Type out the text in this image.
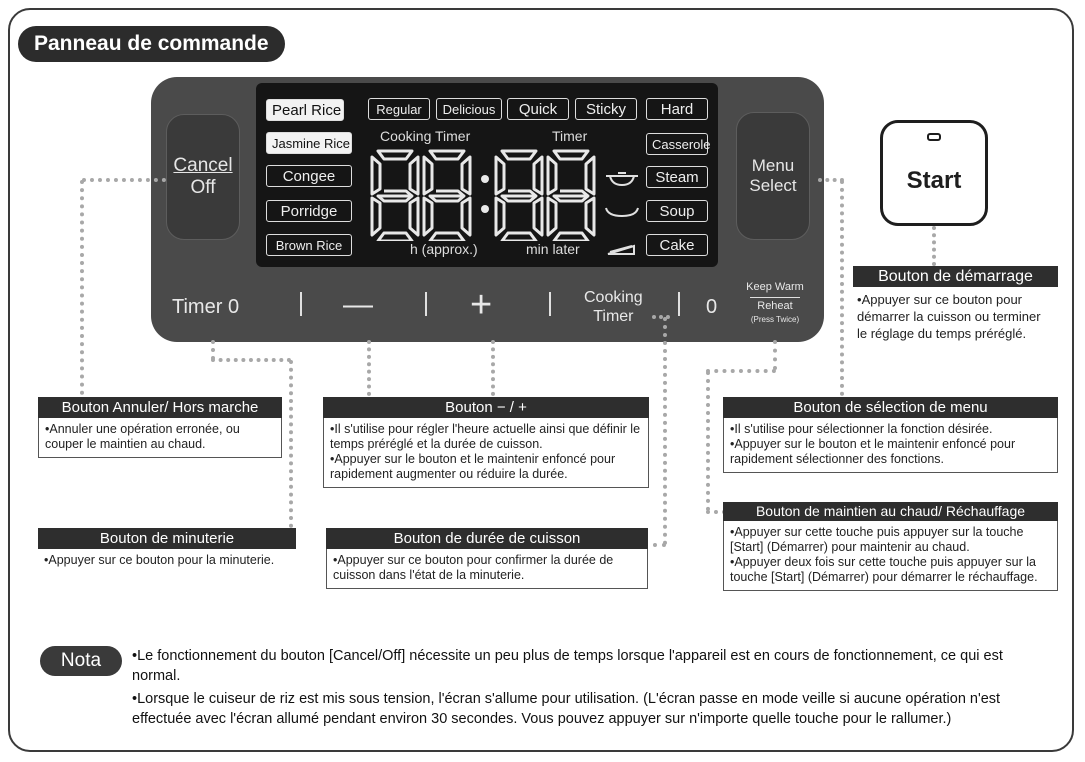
Panneau de commande
Cancel
Off
Menu
Select
Pearl Rice
Jasmine Rice
Congee
Porridge
Brown Rice
Regular	Delicious	Quick	Sticky	Hard
Casserole
Steam
Soup
Cake
Cooking Timer	Timer
h (approx.)	min later
Timer 0	—	+	Cooking
Timer	0
Keep Warm
Reheat
(Press Twice)
Start
Bouton de démarrage

•Appuyer sur ce bouton pour démarrer la cuisson ou terminer le réglage du temps préréglé.

Bouton Annuler/ Hors marche

•Annuler une opération erronée, ou couper le maintien au chaud.

Bouton − / +

•Il s'utilise pour régler l'heure actuelle ainsi que définir le temps préréglé et la durée de cuisson.

•Appuyer sur le bouton et le maintenir enfoncé pour rapidement augmenter ou réduire la durée.

Bouton de sélection de menu

•Il s'utilise pour sélectionner la fonction désirée.

•Appuyer sur le bouton et le maintenir enfoncé pour rapidement sélectionner des fonctions.

Bouton de minuterie

•Appuyer sur ce bouton pour la minuterie.

Bouton de durée de cuisson

•Appuyer sur ce bouton pour confirmer la durée de cuisson dans l'état de la minuterie.

Bouton de maintien au chaud/ Réchauffage

•Appuyer sur cette touche puis appuyer sur la touche [Start] (Démarrer) pour maintenir au chaud.

•Appuyer deux fois sur cette touche puis appuyer sur la touche [Start] (Démarrer) pour démarrer le réchauffage.

Nota	•Le fonctionnement du bouton [Cancel/Off] nécessite un peu plus de temps lorsque l'appareil est en cours de fonctionnement, ce qui est normal.

•Lorsque le cuiseur de riz est mis sous tension, l'écran s'allume pour utilisation. (L'écran passe en mode veille si aucune opération n'est effectuée avec l'écran allumé pendant environ 30 secondes. Vous pouvez appuyer sur n'importe quelle touche pour le rallumer.)
